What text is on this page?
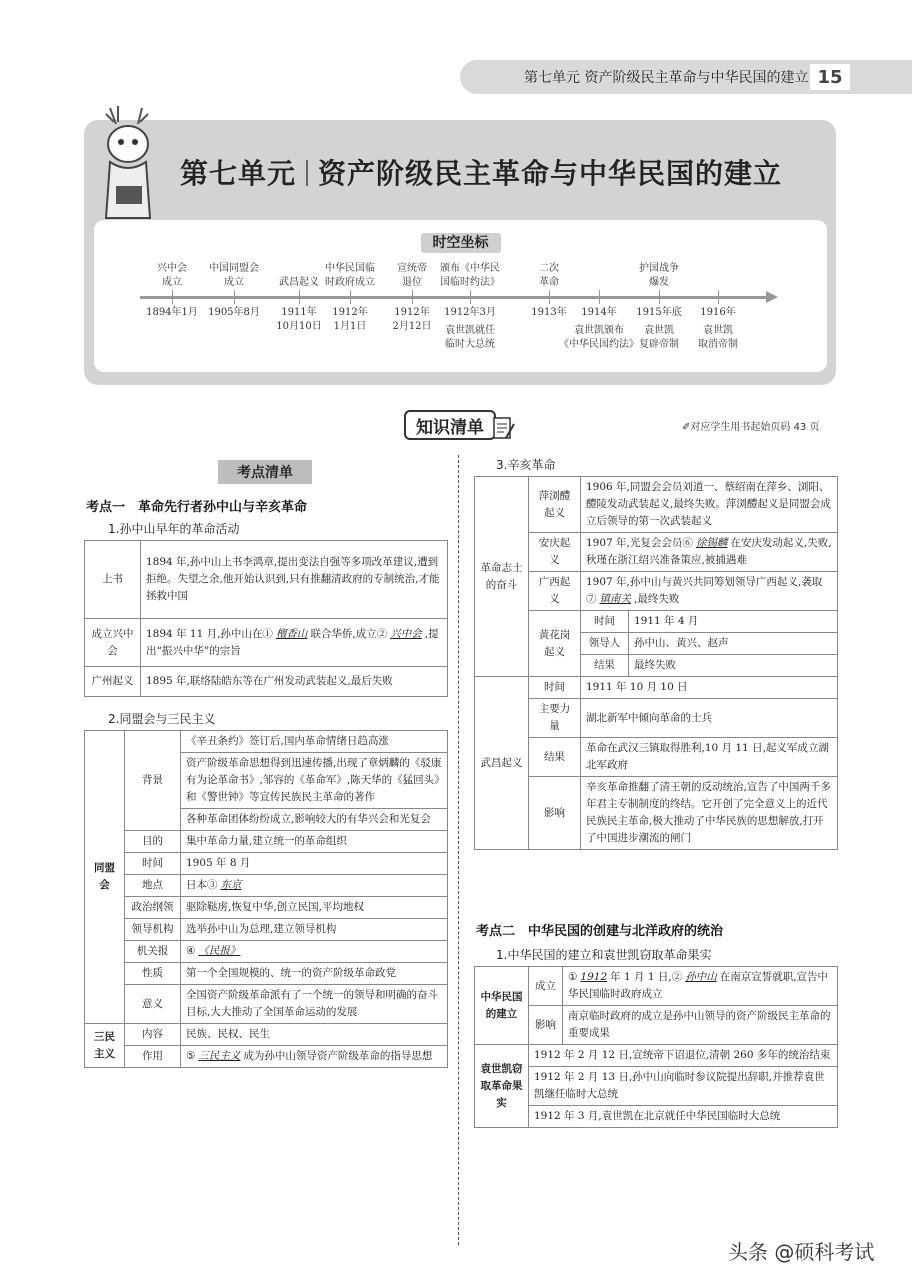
第七单元 资产阶级民主革命与中华民国的建立 15
第七单元 资产阶级民主革命与中华民国的建立
时空坐标
兴中会
成立
中国同盟会
成立	武昌起义
中华民国临
时政府成立
宣统帝
退位
颁布《中华民
国临时约法》
二次
革命
护国战争
爆发
1894年1月 1905年8月	1911年
10月10日
1912年
1月1日
1912年
2月12日
1912年3月	1913年 1914年 1915年底 1916年
袁世凯就任
临时大总统
袁世凯颁布
《中华民国约法》
袁世凯
复辟帝制
袁世凯
取消帝制
知识清单	✐对应学生用书起始页码 43 页
考点清单
考点一　革命先行者孙中山与辛亥革命
1.孙中山早年的革命活动
上书	1894 年,孙中山上书李鸿章,提出变法自强等多项改革建议,遭到拒绝。失望之余,他开始认识到,只有推翻清政府的专制统治,才能拯救中国
成立兴中会	1894 年 11 月,孙中山在① 檀香山 联合华侨,成立② 兴中会 ,提出“振兴中华”的宗旨
广州起义	1895 年,联络陆皓东等在广州发动武装起义,最后失败
2.同盟会与三民主义
同盟会	背景	《辛丑条约》签订后,国内革命情绪日趋高涨
		资产阶级革命思想得到迅速传播,出现了章炳麟的《驳康有为论革命书》,邹容的《革命军》,陈天华的《猛回头》和《警世钟》等宣传民族民主革命的著作
		各种革命团体纷纷成立,影响较大的有华兴会和光复会
	目的	集中革命力量,建立统一的革命组织
	时间	1905 年 8 月
	地点	日本③ 东京
	政治纲领	驱除鞑虏,恢复中华,创立民国,平均地权
	领导机构	选举孙中山为总理,建立领导机构
	机关报	④ 《民报》
	性质	第一个全国规模的、统一的资产阶级革命政党
	意义	全国资产阶级革命派有了一个统一的领导和明确的奋斗目标,大大推动了全国革命运动的发展
三民主义	内容	民族、民权、民生
	作用	⑤ 三民主义 成为孙中山领导资产阶级革命的指导思想
3.辛亥革命
革命志士的奋斗	萍浏醴起义	1906 年,同盟会会员刘道一、蔡绍南在萍乡、浏阳、醴陵发动武装起义,最终失败。萍浏醴起义是同盟会成立后领导的第一次武装起义	
	安庆起义	1907 年,光复会会员⑥ 徐锡麟 在安庆发动起义,失败,秋瑾在浙江绍兴准备策应,被捕遇难	
	广西起义	1907 年,孙中山与黄兴共同筹划领导广西起义,袭取⑦ 镇南关 ,最终失败	
	黄花岗起义	时间	1911 年 4 月
		领导人	孙中山、黄兴、赵声
		结果	最终失败
武昌起义	时间	1911 年 10 月 10 日	
	主要力量	湖北新军中倾向革命的士兵	
	结果	革命在武汉三镇取得胜利,10 月 11 日,起义军成立湖北军政府	
	影响	辛亥革命推翻了清王朝的反动统治,宣告了中国两千多年君主专制制度的终结。它开创了完全意义上的近代民族民主革命,极大推动了中华民族的思想解放,打开了中国进步潮流的闸门	
考点二　中华民国的创建与北洋政府的统治
1.中华民国的建立和袁世凯窃取革命果实
中华民国的建立	成立	① 1912 年 1 月 1 日,② 孙中山 在南京宣誓就职,宣告中华民国临时政府成立
	影响	南京临时政府的成立是孙中山领导的资产阶级民主革命的重要成果
袁世凯窃取革命果实	1912 年 2 月 12 日,宣统帝下诏退位,清朝 260 多年的统治结束	
	1912 年 2 月 13 日,孙中山向临时参议院提出辞职,并推荐袁世凯继任临时大总统	
	1912 年 3 月,袁世凯在北京就任中华民国临时大总统	
头条 @硕科考试
